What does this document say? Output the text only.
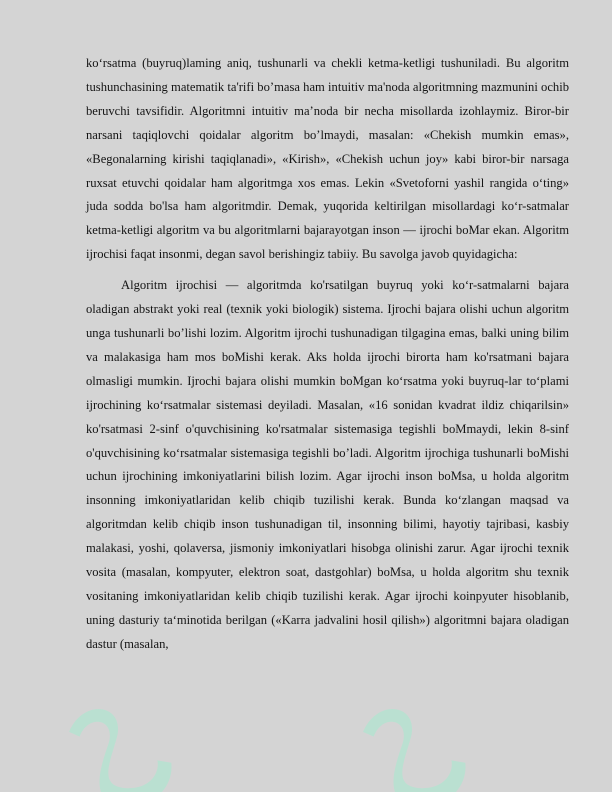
ko‘rsatma (buyruq)laming aniq, tushunarli va chekli ketma-ketligi tushuniladi. Bu algoritm tushunchasining matematik ta'rifi bo’masa ham intuitiv ma'noda algoritmning mazmunini ochib beruvchi tavsifidir. Algoritmni intuitiv ma’noda bir necha misollarda izohlaymiz. Biror-bir narsani taqiqlovchi qoidalar algoritm bo’lmaydi, masalan: «Chekish mumkin emas», «Begonalarning kirishi taqiqlanadi», «Kirish», «Chekish uchun joy» kabi biror-bir narsaga ruxsat etuvchi qoidalar ham algoritmga xos emas. Lekin «Svetoforni yashil rangida o‘ting» juda sodda bo'lsa ham algoritmdir. Demak, yuqorida keltirilgan misollardagi ko‘r-satmalar ketma-ketligi algoritm va bu algoritmlarni bajarayotgan inson — ijrochi boMar ekan. Algoritm ijrochisi faqat insonmi, degan savol berishingiz tabiiy. Bu savolga javob quyidagicha:

Algoritm ijrochisi — algoritmda ko'rsatilgan buyruq yoki ko‘r-satmalarni bajara oladigan abstrakt yoki real (texnik yoki biologik) sistema. Ijrochi bajara olishi uchun algoritm unga tushunarli bo’lishi lozim. Algoritm ijrochi tushunadigan tilgagina emas, balki uning bilim va malakasiga ham mos boMishi kerak. Aks holda ijrochi birorta ham ko'rsatmani bajara olmasligi mumkin. Ijrochi bajara olishi mumkin boMgan ko‘rsatma yoki buyruq-lar to‘plami ijrochining ko‘rsatmalar sistemasi deyiladi. Masalan, «16 sonidan kvadrat ildiz chiqarilsin» ko'rsatmasi 2-sinf o'quvchisining ko'rsatmalar sistemasiga tegishli boMmaydi, lekin 8-sinf o'quvchisining ko‘rsatmalar sistemasiga tegishli bo’ladi. Algoritm ijrochiga tushunarli boMishi uchun ijrochining imkoniyatlarini bilish lozim. Agar ijrochi inson boMsa, u holda algoritm insonning imkoniyatlaridan kelib chiqib tuzilishi kerak. Bunda ko‘zlangan maqsad va algoritmdan kelib chiqib inson tushunadigan til, insonning bilimi, hayotiy tajribasi, kasbiy malakasi, yoshi, qolaversa, jismoniy imkoniyatlari hisobga olinishi zarur. Agar ijrochi texnik vosita (masalan, kompyuter, elektron soat, dastgohlar) boMsa, u holda algoritm shu texnik vositaning imkoniyatlaridan kelib chiqib tuzilishi kerak. Agar ijrochi koinpyuter hisoblanib, uning dasturiy ta‘minotida berilgan («Karra jadvalini hosil qilish») algoritmni bajara oladigan dastur (masalan,
